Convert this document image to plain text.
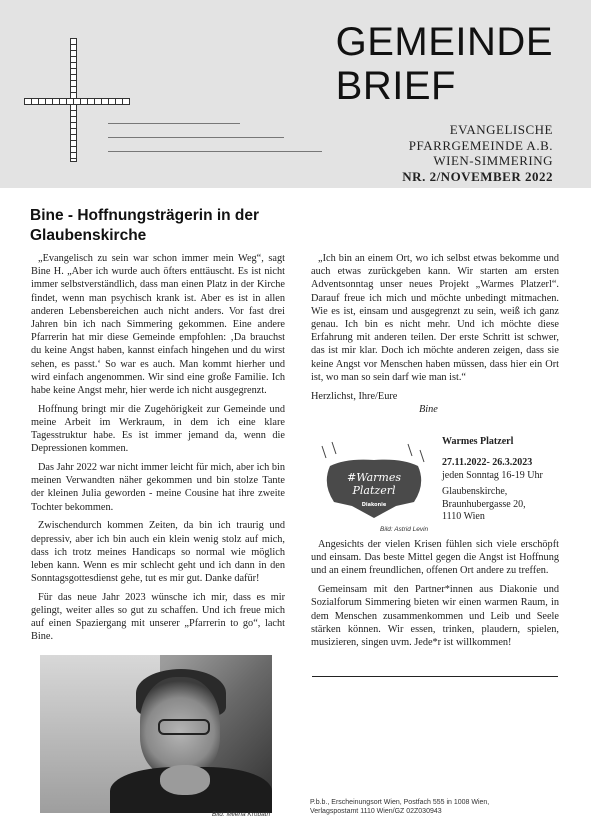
GEMEINDE
BRIEF
EVANGELISCHE
PFARRGEMEINDE A.B.
WIEN-SIMMERING
NR. 2/NOVEMBER 2022
Bine - Hoffnungsträgerin in der Glaubenskirche

„Evangelisch zu sein war schon immer mein Weg“, sagt Bine H. „Aber ich wurde auch öfters enttäuscht. Es ist nicht immer selbstverständlich, dass man einen Platz in der Kirche findet, wenn man psychisch krank ist. Aber es ist in allen anderen Lebensbereichen auch nicht anders. Vor fast drei Jahren bin ich nach Simmering gekommen. Eine andere Pfarrerin hat mir diese Gemeinde empfohlen: ‚Da brauchst du keine Angst haben, kannst einfach hingehen und du wirst sehen, es passt.‘ So war es auch. Man kommt hierher und wird einfach angenommen. Wir sind eine große Familie. Ich habe keine Angst mehr, hier werde ich nicht ausgegrenzt.

Hoffnung bringt mir die Zugehörigkeit zur Gemeinde und meine Arbeit im Werkraum, in dem ich eine klare Tagesstruktur habe. Es ist immer jemand da, wenn die Depressionen kommen.

Das Jahr 2022 war nicht immer leicht für mich, aber ich bin meinen Verwandten näher gekommen und bin stolze Tante der kleinen Julia geworden - meine Cousine hat ihre zweite Tochter bekommen.

Zwischendurch kommen Zeiten, da bin ich traurig und depressiv, aber ich bin auch ein klein wenig stolz auf mich, dass ich trotz meines Handicaps so normal wie möglich leben kann. Wenn es mir schlecht geht und ich dann in den Sonntagsgottesdienst gehe, tut es mir gut. Danke dafür!

Für das neue Jahr 2023 wünsche ich mir, dass es mir gelingt, weiter alles so gut zu schaffen. Und ich freue mich auf einen Spaziergang mit unserer „Pfarrerin to go“, lacht Bine.

Bild: Milena Krobath

„Ich bin an einem Ort, wo ich selbst etwas bekomme und auch etwas zurückgeben kann. Wir starten am ersten Adventsonntag unser neues Projekt „Warmes Platzerl“. Darauf freue ich mich und möchte unbedingt mitmachen. Wie es ist, einsam und ausgegrenzt zu sein, weiß ich ganz genau. Ich bin es nicht mehr. Und ich möchte diese Erfahrung mit anderen teilen. Der erste Schritt ist schwer, das ist mir klar. Doch ich möchte anderen zeigen, dass sie keine Angst vor Menschen haben müssen, dass hier ein Ort ist, wo man so sein darf wie man ist.“

Herzlichst, Ihre/Eure

Bine

#Warmes
Platzerl
Diakonie
Bild: Astrid Levin
Warmes Platzerl
27.11.2022- 26.3.2023
jeden Sonntag 16-19 Uhr
Glaubenskirche,
Braunhubergasse 20,
1110 Wien

Angesichts der vielen Krisen fühlen sich viele erschöpft und einsam. Das beste Mittel gegen die Angst ist Hoffnung und an einem freundlichen, offenen Ort andere zu treffen.

Gemeinsam mit den Partner*innen aus Diakonie und Sozialforum Simmering bieten wir einen warmen Raum, in dem Menschen zusammenkommen und Leib und Seele stärken können. Wir essen, trinken, plaudern, spielen, musizieren, singen uvm. Jede*r ist willkommen!

P.b.b., Erscheinungsort Wien, Postfach 555 in 1008 Wien,
Verlagspostamt 1110 Wien/GZ 02Z030943
